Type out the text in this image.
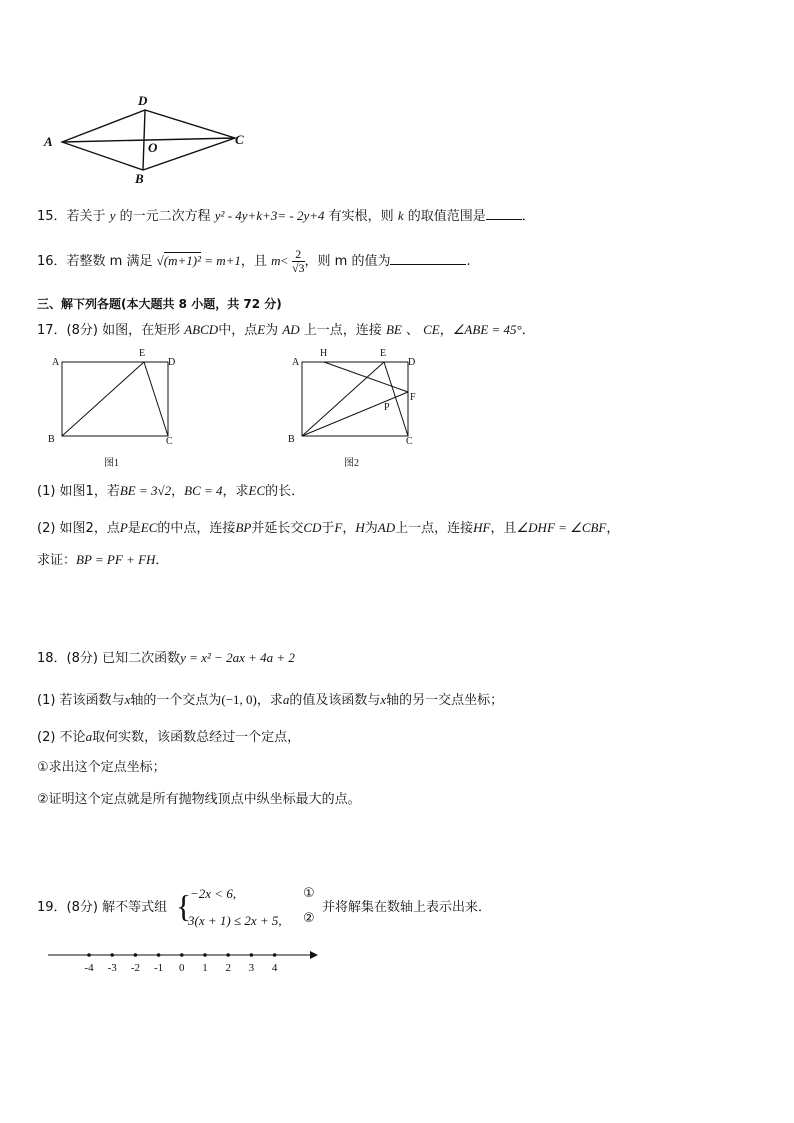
A
D
C
O
B
15．若关于 y 的一元二次方程 y² - 4y+k+3= - 2y+4 有实根，则 k 的取值范围是	．
16．若整数 m 满足 √(m+1)² = m+1，且 $m< \frac{2}{√3}$ ，则 m 的值为	.
三、解下列各题(本大题共 8 小题，共 72 分)
17．(8分) 如图，在矩形 ABCD中，点E为 AD 上一点，连接 BE 、 CE，∠ABE = 45°．
A
E
D
B	C
图1
A
H	E
D
F
P
B	C
图2
(1) 如图1，若BE = 3√2，BC = 4，求EC的长．
(2) 如图2，点P是EC的中点，连接BP并延长交CD于F，H为AD上一点，连接HF，且∠DHF = ∠CBF，
求证：BP = PF + FH．
18．(8分) 已知二次函数y = x² − 2ax + 4a + 2
(1) 若该函数与x轴的一个交点为(−1, 0)，求a的值及该函数与x轴的另一交点坐标；
(2) 不论a取何实数，该函数总经过一个定点，
①求出这个定点坐标；
②证明这个定点就是所有抛物线顶点中纵坐标最大的点。
19．(8分) 解不等式组 {
−2x < 6,
3(x + 1) ≤ 2x + 5,
①
②
并将解集在数轴上表示出来．
-4 -3 -2 -1 0 1 2 3 4
